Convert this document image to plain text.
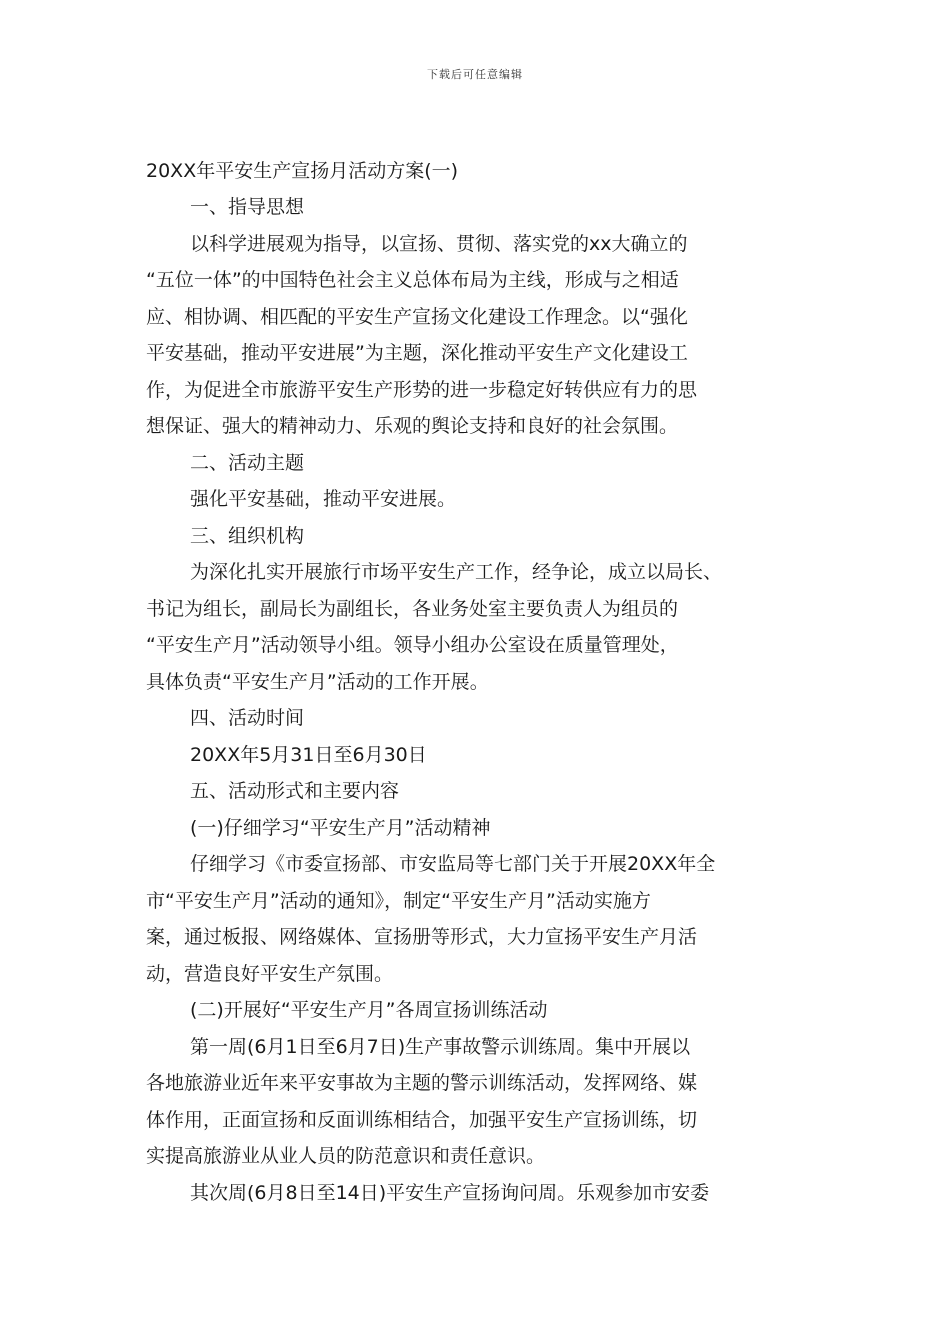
下载后可任意编辑
20XX年平安生产宣扬月活动方案(一)
一、指导思想
以科学进展观为指导，以宣扬、贯彻、落实党的xx大确立的
“五位一体”的中国特色社会主义总体布局为主线，形成与之相适
应、相协调、相匹配的平安生产宣扬文化建设工作理念。以“强化
平安基础，推动平安进展”为主题，深化推动平安生产文化建设工
作，为促进全市旅游平安生产形势的进一步稳定好转供应有力的思
想保证、强大的精神动力、乐观的舆论支持和良好的社会氛围。
二、活动主题
强化平安基础，推动平安进展。
三、组织机构
为深化扎实开展旅行市场平安生产工作，经争论，成立以局长、
书记为组长，副局长为副组长，各业务处室主要负责人为组员的
“平安生产月”活动领导小组。领导小组办公室设在质量管理处，
具体负责“平安生产月”活动的工作开展。
四、活动时间
20XX年5月31日至6月30日
五、活动形式和主要内容
(一)仔细学习“平安生产月”活动精神
仔细学习《市委宣扬部、市安监局等七部门关于开展20XX年全
市“平安生产月”活动的通知》，制定“平安生产月”活动实施方
案，通过板报、网络媒体、宣扬册等形式，大力宣扬平安生产月活
动，营造良好平安生产氛围。
(二)开展好“平安生产月”各周宣扬训练活动
第一周(6月1日至6月7日)生产事故警示训练周。集中开展以
各地旅游业近年来平安事故为主题的警示训练活动，发挥网络、媒
体作用，正面宣扬和反面训练相结合，加强平安生产宣扬训练，切
实提高旅游业从业人员的防范意识和责任意识。
其次周(6月8日至14日)平安生产宣扬询问周。乐观参加市安委
